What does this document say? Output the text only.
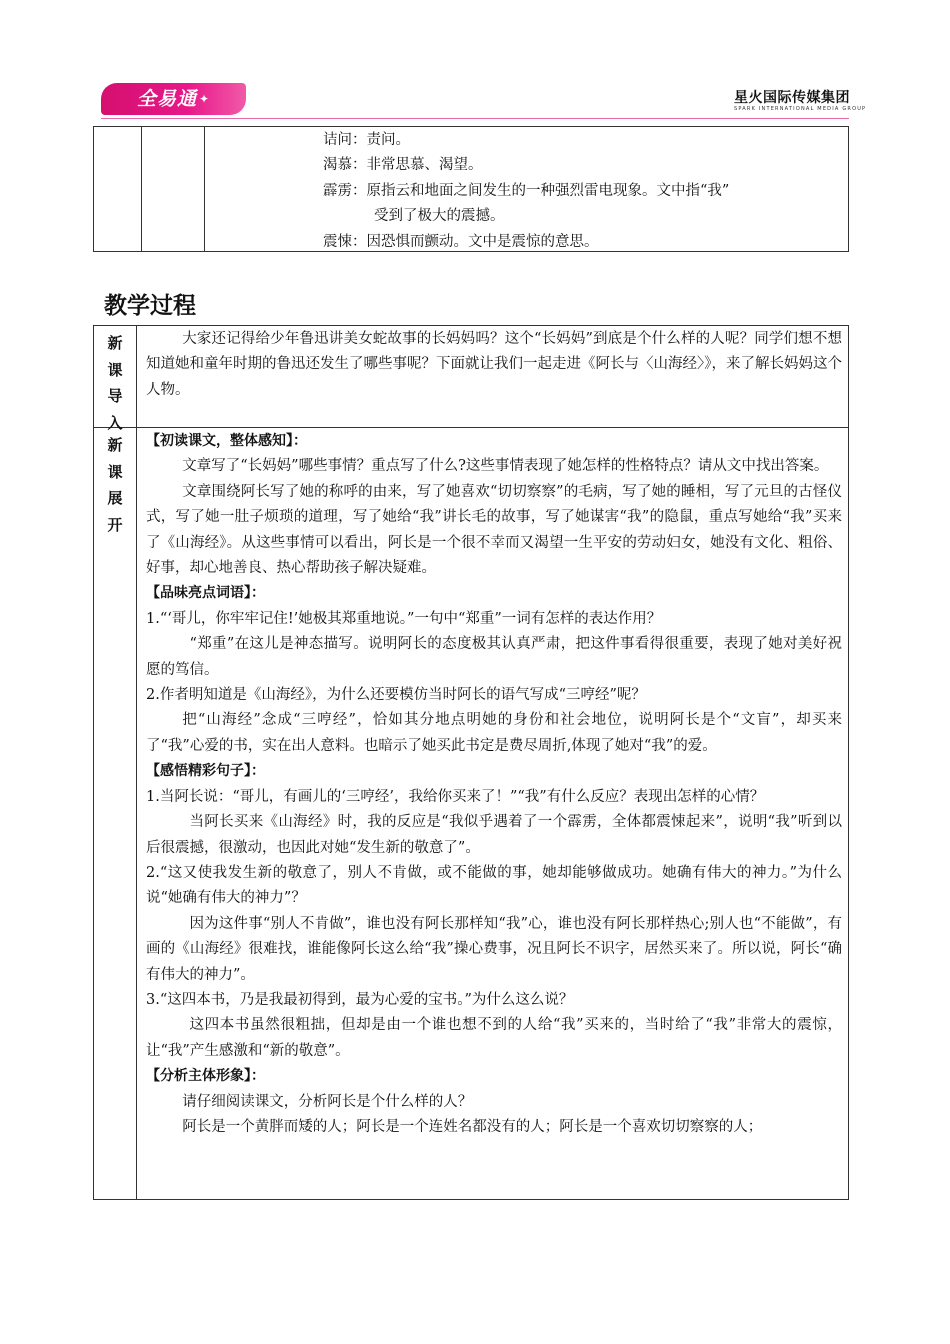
全易通 ✦	星火国际传媒集团
SPARK INTERNATIONAL MEDIA GROUP
诘问：责问。
渴慕：非常思慕、渴望。
霹雳：原指云和地面之间发生的一种强烈雷电现象。文中指“我”
受到了极大的震撼。
震悚：因恐惧而颤动。文中是震惊的意思。
教学过程
新
课
导
入

大家还记得给少年鲁迅讲美女蛇故事的长妈妈吗？这个“长妈妈”到底是个什么样的人呢？同学们想不想知道她和童年时期的鲁迅还发生了哪些事呢？下面就让我们一起走进《阿长与〈山海经〉》，来了解长妈妈这个人物。

新
课
展
开

【初读课文，整体感知】：

文章写了“长妈妈”哪些事情？重点写了什么?这些事情表现了她怎样的性格特点？请从文中找出答案。

文章围绕阿长写了她的称呼的由来，写了她喜欢“切切察察”的毛病，写了她的睡相，写了元旦的古怪仪式，写了她一肚子烦琐的道理，写了她给“我”讲长毛的故事，写了她谋害“我”的隐鼠，重点写她给“我”买来了《山海经》。从这些事情可以看出，阿长是一个很不幸而又渴望一生平安的劳动妇女，她没有文化、粗俗、好事，却心地善良、热心帮助孩子解决疑难。

【品味亮点词语】：

1.“‘哥儿，你牢牢记住!’她极其郑重地说。”一句中“郑重”一词有怎样的表达作用？

“郑重”在这儿是神态描写。说明阿长的态度极其认真严肃，把这件事看得很重要，表现了她对美好祝愿的笃信。

2.作者明知道是《山海经》，为什么还要模仿当时阿长的语气写成“三哼经”呢？

把“山海经”念成“三哼经”，恰如其分地点明她的身份和社会地位，说明阿长是个“文盲”，却买来了“我”心爱的书，实在出人意料。也暗示了她买此书定是费尽周折,体现了她对“我”的爱。

【感悟精彩句子】：

1.当阿长说：“哥儿，有画儿的‘三哼经’，我给你买来了！”“我”有什么反应？表现出怎样的心情？

当阿长买来《山海经》时，我的反应是“我似乎遇着了一个霹雳，全体都震悚起来”，说明“我”听到以后很震撼，很激动，也因此对她“发生新的敬意了”。

2.“这又使我发生新的敬意了，别人不肯做，或不能做的事，她却能够做成功。她确有伟大的神力。”为什么说“她确有伟大的神力”？

因为这件事“别人不肯做”，谁也没有阿长那样知“我”心，谁也没有阿长那样热心;别人也“不能做”，有画的《山海经》很难找，谁能像阿长这么给“我”操心费事，况且阿长不识字，居然买来了。所以说，阿长“确有伟大的神力”。

3.“这四本书，乃是我最初得到，最为心爱的宝书。”为什么这么说？

这四本书虽然很粗拙，但却是由一个谁也想不到的人给“我”买来的，当时给了“我”非常大的震惊，让“我”产生感激和“新的敬意”。

【分析主体形象】：

请仔细阅读课文，分析阿长是个什么样的人？

阿长是一个黄胖而矮的人；阿长是一个连姓名都没有的人；阿长是一个喜欢切切察察的人；
